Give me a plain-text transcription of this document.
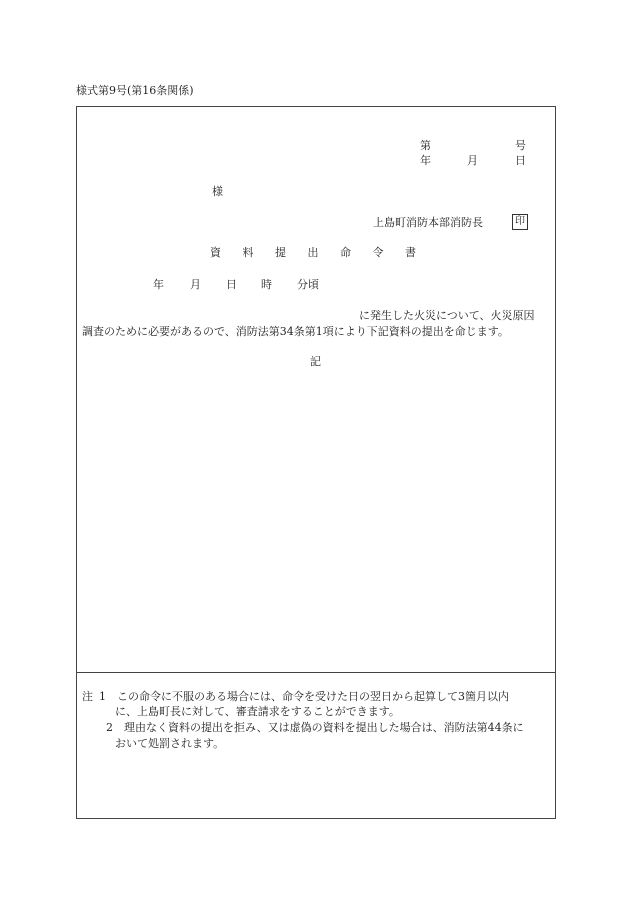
様式第9号(第16条関係)
第	号
年	月	日
様
上島町消防本部消防長	印
資料提出命令書
年 月 日 時 分頃
に発生した火災について、火災原因
調査のために必要があるので、消防法第34条第1項により下記資料の提出を命じます。
記
注 1　この命令に不服のある場合には、命令を受けた日の翌日から起算して3箇月以内
に、上島町長に対して、審査請求をすることができます。
2　理由なく資料の提出を拒み、又は虚偽の資料を提出した場合は、消防法第44条に
おいて処罰されます。
